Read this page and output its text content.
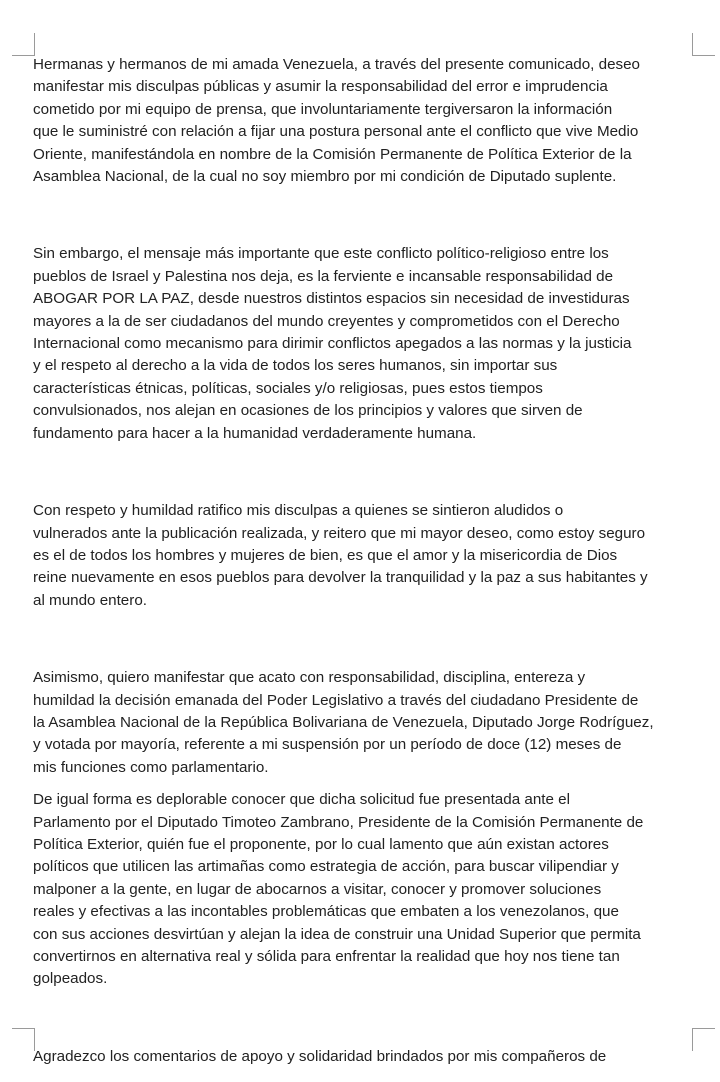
Hermanas y hermanos de mi amada Venezuela, a través del presente comunicado, deseo
manifestar mis disculpas públicas y asumir la responsabilidad del error e imprudencia
cometido por mi equipo de prensa, que involuntariamente tergiversaron la información
que le suministré con relación a fijar una postura personal ante el conflicto que vive Medio
Oriente, manifestándola en nombre de la Comisión Permanente de Política Exterior de la
Asamblea Nacional, de la cual no soy miembro por mi condición de Diputado suplente.

Sin embargo, el mensaje más importante que este conflicto político-religioso entre los
pueblos de Israel y Palestina nos deja, es la ferviente e incansable responsabilidad de
ABOGAR POR LA PAZ, desde nuestros distintos espacios sin necesidad de investiduras
mayores a la de ser ciudadanos del mundo creyentes y comprometidos con el Derecho
Internacional como mecanismo para dirimir conflictos apegados a las normas y la justicia
y el respeto al derecho a la vida de todos los seres humanos, sin importar sus
características étnicas, políticas, sociales y/o religiosas, pues estos tiempos
convulsionados, nos alejan en ocasiones de los principios y valores que sirven de
fundamento para hacer a la humanidad verdaderamente humana.

Con respeto y humildad ratifico mis disculpas a quienes se sintieron aludidos o
vulnerados ante la publicación realizada, y reitero que mi mayor deseo, como estoy seguro
es el de todos los hombres y mujeres de bien, es que el amor y la misericordia de Dios
reine nuevamente en esos pueblos para devolver la tranquilidad y la paz a sus habitantes y
al mundo entero.

Asimismo, quiero manifestar que acato con responsabilidad, disciplina, entereza y
humildad la decisión emanada del Poder Legislativo a través del ciudadano Presidente de
la Asamblea Nacional de la República Bolivariana de Venezuela, Diputado Jorge Rodríguez,
y votada por mayoría, referente a mi suspensión por un período de doce (12) meses de
mis funciones como parlamentario.

De igual forma es deplorable conocer que dicha solicitud fue presentada ante el
Parlamento por el Diputado Timoteo Zambrano, Presidente de la Comisión Permanente de
Política Exterior, quién fue el proponente, por lo cual lamento que aún existan actores
políticos que utilicen las artimañas como estrategia de acción, para buscar vilipendiar y
malponer a la gente, en lugar de abocarnos a visitar, conocer y promover soluciones
reales y efectivas a las incontables problemáticas que embaten a los venezolanos, que
con sus acciones desvirtúan y alejan la idea de construir una Unidad Superior que permita
convertirnos en alternativa real y sólida para enfrentar la realidad que hoy nos tiene tan
golpeados.

Agradezco los comentarios de apoyo y solidaridad brindados por mis compañeros de
